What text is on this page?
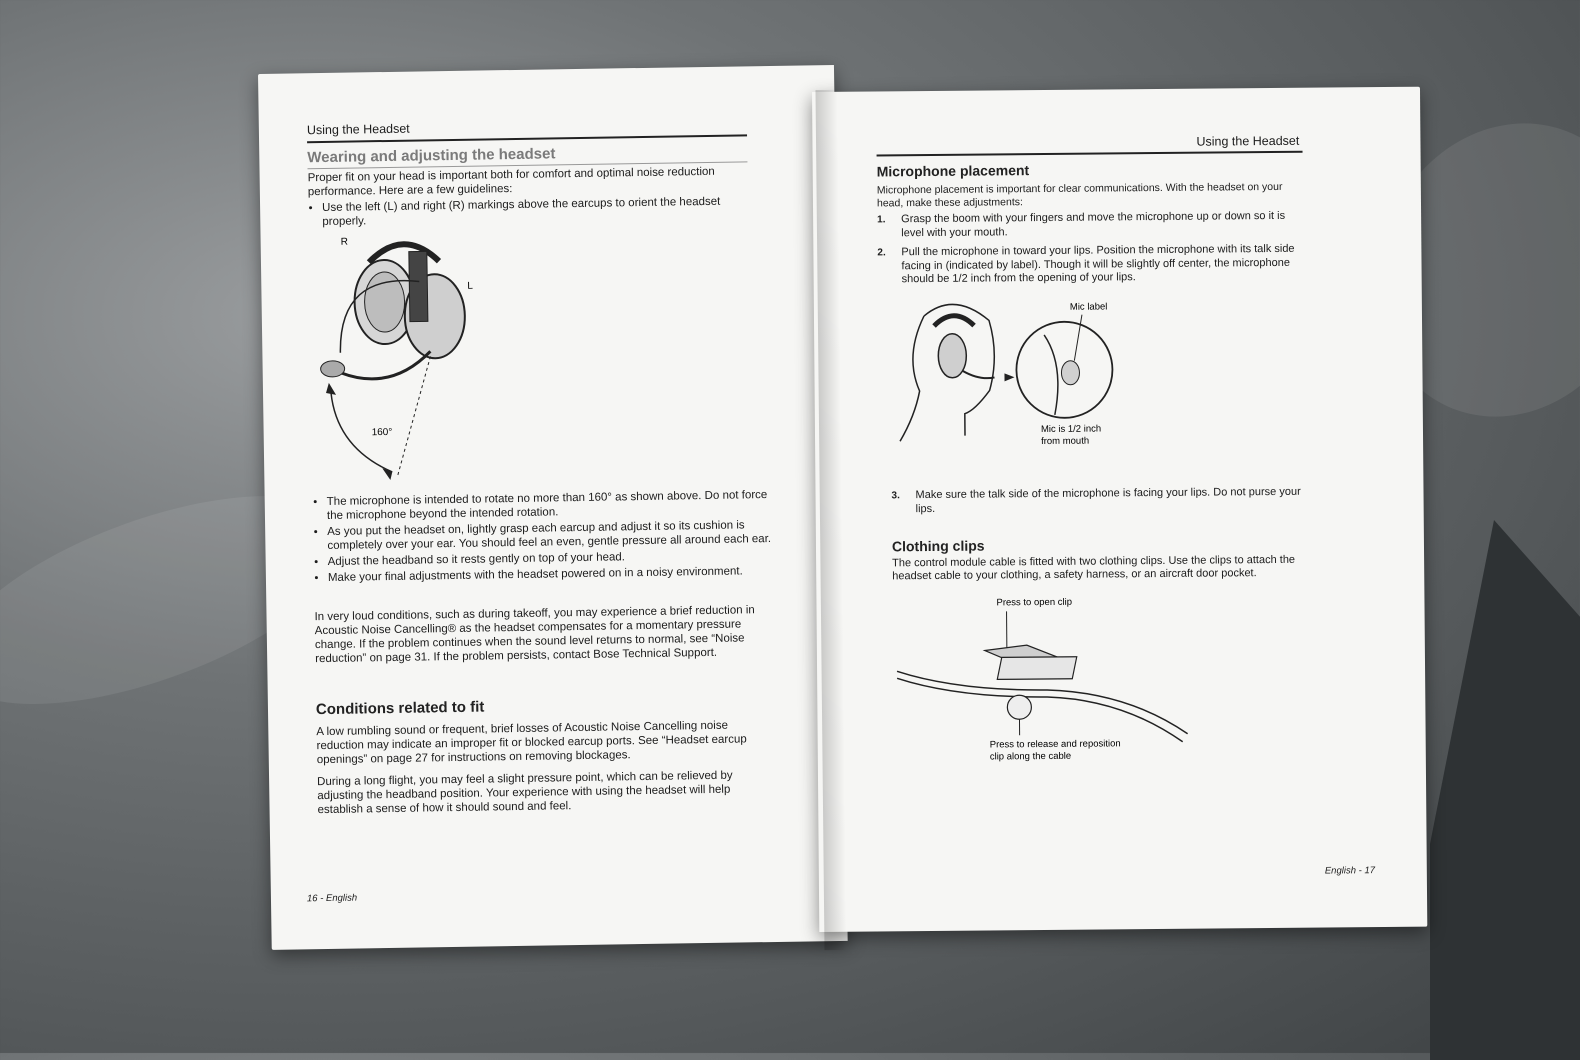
Using the Headset
Wearing and adjusting the headset
Proper fit on your head is important both for comfort and optimal noise reduction performance. Here are a few guidelines:
• Use the left (L) and right (R) markings above the earcups to orient the headset properly.
R
L
160°
• The microphone is intended to rotate no more than 160° as shown above. Do not force the microphone beyond the intended rotation.
• As you put the headset on, lightly grasp each earcup and adjust it so its cushion is completely over your ear. You should feel an even, gentle pressure all around each ear.
• Adjust the headband so it rests gently on top of your head.
• Make your final adjustments with the headset powered on in a noisy environment.
In very loud conditions, such as during takeoff, you may experience a brief reduction in Acoustic Noise Cancelling® as the headset compensates for a momentary pressure change. If the problem continues when the sound level returns to normal, see “Noise reduction” on page 31. If the problem persists, contact Bose Technical Support.
Conditions related to fit
A low rumbling sound or frequent, brief losses of Acoustic Noise Cancelling noise reduction may indicate an improper fit or blocked earcup ports. See “Headset earcup openings” on page 27 for instructions on removing blockages.
During a long flight, you may feel a slight pressure point, which can be relieved by adjusting the headband position. Your experience with using the headset will help establish a sense of how it should sound and feel.
16 - English
Using the Headset
Microphone placement
Microphone placement is important for clear communications. With the headset on your head, make these adjustments:
1. Grasp the boom with your fingers and move the microphone up or down so it is level with your mouth.
2. Pull the microphone in toward your lips. Position the microphone with its talk side facing in (indicated by label). Though it will be slightly off center, the microphone should be 1/2 inch from the opening of your lips.
Mic label
Mic is 1/2 inch
from mouth
3. Make sure the talk side of the microphone is facing your lips. Do not purse your lips.
Clothing clips
The control module cable is fitted with two clothing clips. Use the clips to attach the headset cable to your clothing, a safety harness, or an aircraft door pocket.
Press to open clip
Press to release and reposition
clip along the cable
English - 17
